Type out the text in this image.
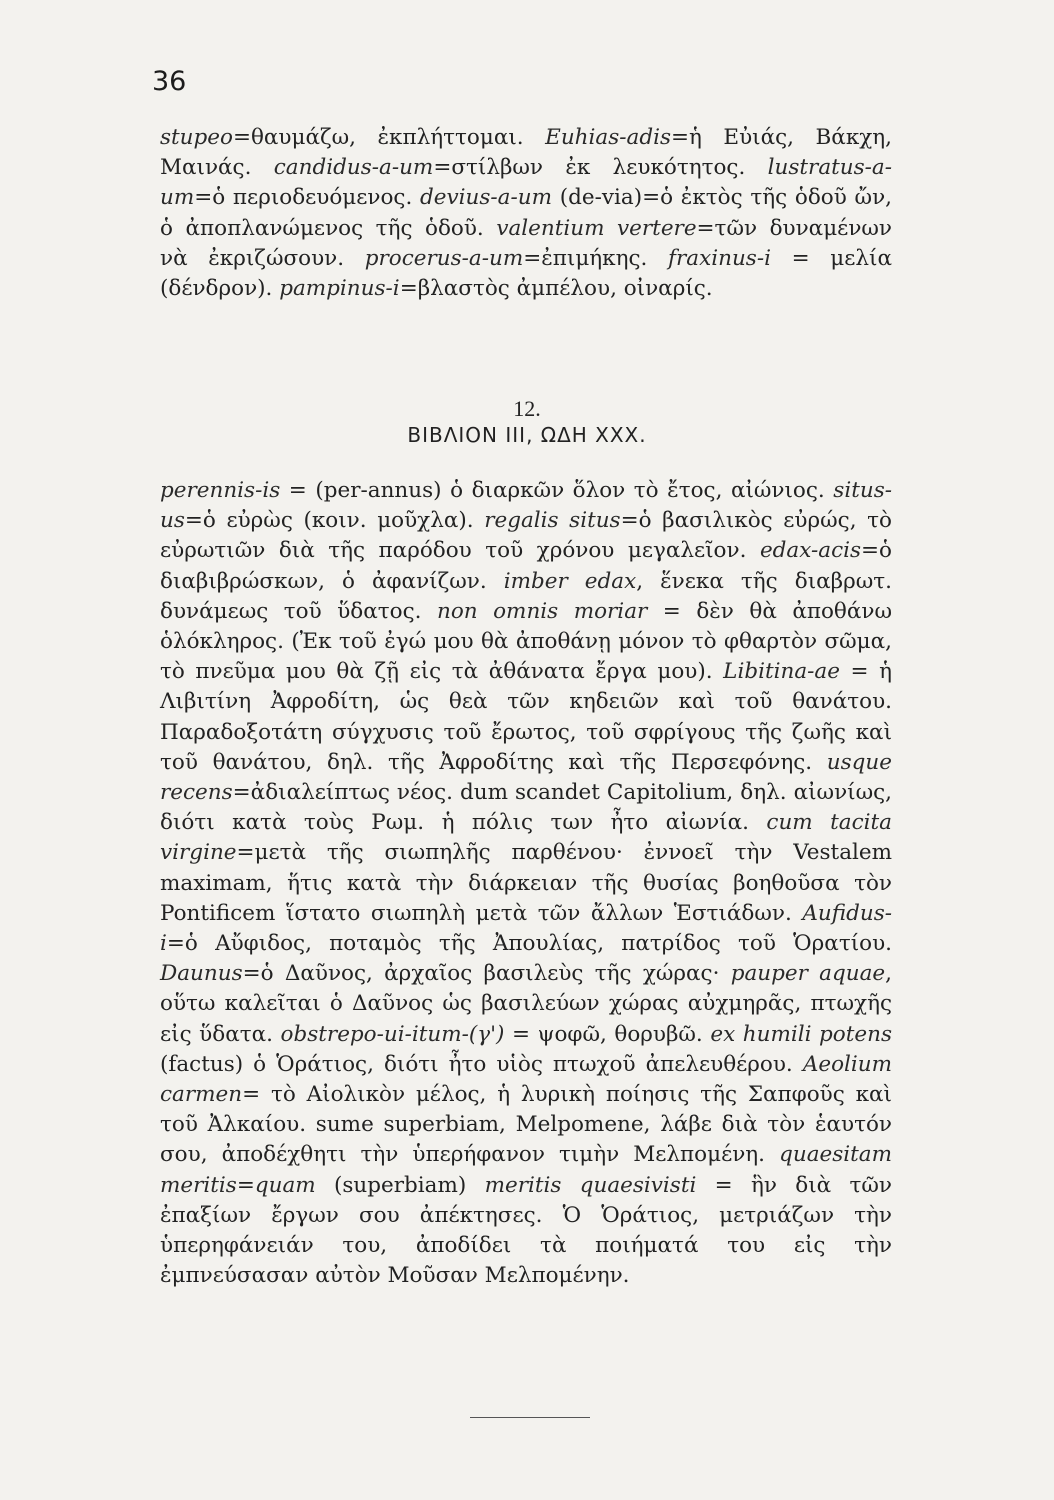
36

stupeo=θαυμάζω, ἐκπλήττομαι. Euhias-adis=ἡ Εὐιάς, Βάκχη, Μαινάς. candidus-a-um=στίλβων ἐκ λευκότητος. lustratus-a-um=ὁ περιοδευόμενος. devius-a-um (de-via)=ὁ ἐκτὸς τῆς ὁδοῦ ὤν, ὁ ἀποπλανώμενος τῆς ὁδοῦ. valentium vertere=τῶν δυναμένων νὰ ἐκριζώσουν. procerus-a-um=ἐπιμήκης. fraxinus-i = μελία (δένδρον). pampinus-i=βλαστὸς ἀμπέλου, οἰναρίς.

12.
ΒΙΒΛΙΟΝ III, ΩΔΗ XXX.

perennis-is = (per-annus) ὁ διαρκῶν ὅλον τὸ ἔτος, αἰώνιος. situs-us=ὁ εὐρὼς (κοιν. μοῦχλα). regalis situs=ὁ βασιλικὸς εὐρώς, τὸ εὐρωτιῶν διὰ τῆς παρόδου τοῦ χρόνου μεγαλεῖον. edax-acis=ὁ διαβιβρώσκων, ὁ ἀφανίζων. imber edax, ἕνεκα τῆς διαβρωτ. δυνάμεως τοῦ ὕδατος. non omnis moriar = δὲν θὰ ἀποθάνω ὁλόκληρος. (Ἐκ τοῦ ἐγώ μου θὰ ἀποθάνῃ μόνον τὸ φθαρτὸν σῶμα, τὸ πνεῦμα μου θὰ ζῇ εἰς τὰ ἀθάνατα ἔργα μου). Libitina-ae = ἡ Λιβιτίνη Ἀφροδίτη, ὡς θεὰ τῶν κηδειῶν καὶ τοῦ θανάτου. Παραδοξοτάτη σύγχυσις τοῦ ἔρωτος, τοῦ σφρίγους τῆς ζωῆς καὶ τοῦ θανάτου, δηλ. τῆς Ἀφροδίτης καὶ τῆς Περσεφόνης. usque recens=ἀδιαλείπτως νέος. dum scandet Capitolium, δηλ. αἰωνίως, διότι κατὰ τοὺς Ρωμ. ἡ πόλις των ἦτο αἰωνία. cum tacita virgine=μετὰ τῆς σιωπηλῆς παρθένου· ἐννοεῖ τὴν Vestalem maximam, ἥτις κατὰ τὴν διάρκειαν τῆς θυσίας βοηθοῦσα τὸν Pontificem ἵστατο σιωπηλὴ μετὰ τῶν ἄλλων Ἑστιάδων. Aufidus-i=ὁ Αὔφιδος, ποταμὸς τῆς Ἀπουλίας, πατρίδος τοῦ Ὁρατίου. Daunus=ὁ Δαῦνος, ἀρχαῖος βασιλεὺς τῆς χώρας· pauper aquae, οὕτω καλεῖται ὁ Δαῦνος ὡς βασιλεύων χώρας αὐχμηρᾶς, πτωχῆς εἰς ὕδατα. obstrepo-ui-itum-(γ') = ψοφῶ, θορυβῶ. ex humili potens (factus) ὁ Ὁράτιος, διότι ἦτο υἱὸς πτωχοῦ ἀπελευθέρου. Aeolium carmen= τὸ Αἰολικὸν μέλος, ἡ λυρικὴ ποίησις τῆς Σαπφοῦς καὶ τοῦ Ἀλκαίου. sume superbiam, Melpomene, λάβε διὰ τὸν ἑαυτόν σου, ἀποδέχθητι τὴν ὑπερήφανον τιμὴν Μελπομένη. quaesitam meritis=quam (superbiam) meritis quaesivisti = ἣν διὰ τῶν ἐπαξίων ἔργων σου ἀπέκτησες. Ὁ Ὁράτιος, μετριάζων τὴν ὑπερηφάνειάν του, ἀποδίδει τὰ ποιήματά του εἰς τὴν ἐμπνεύσασαν αὐτὸν Μοῦσαν Μελπομένην.
